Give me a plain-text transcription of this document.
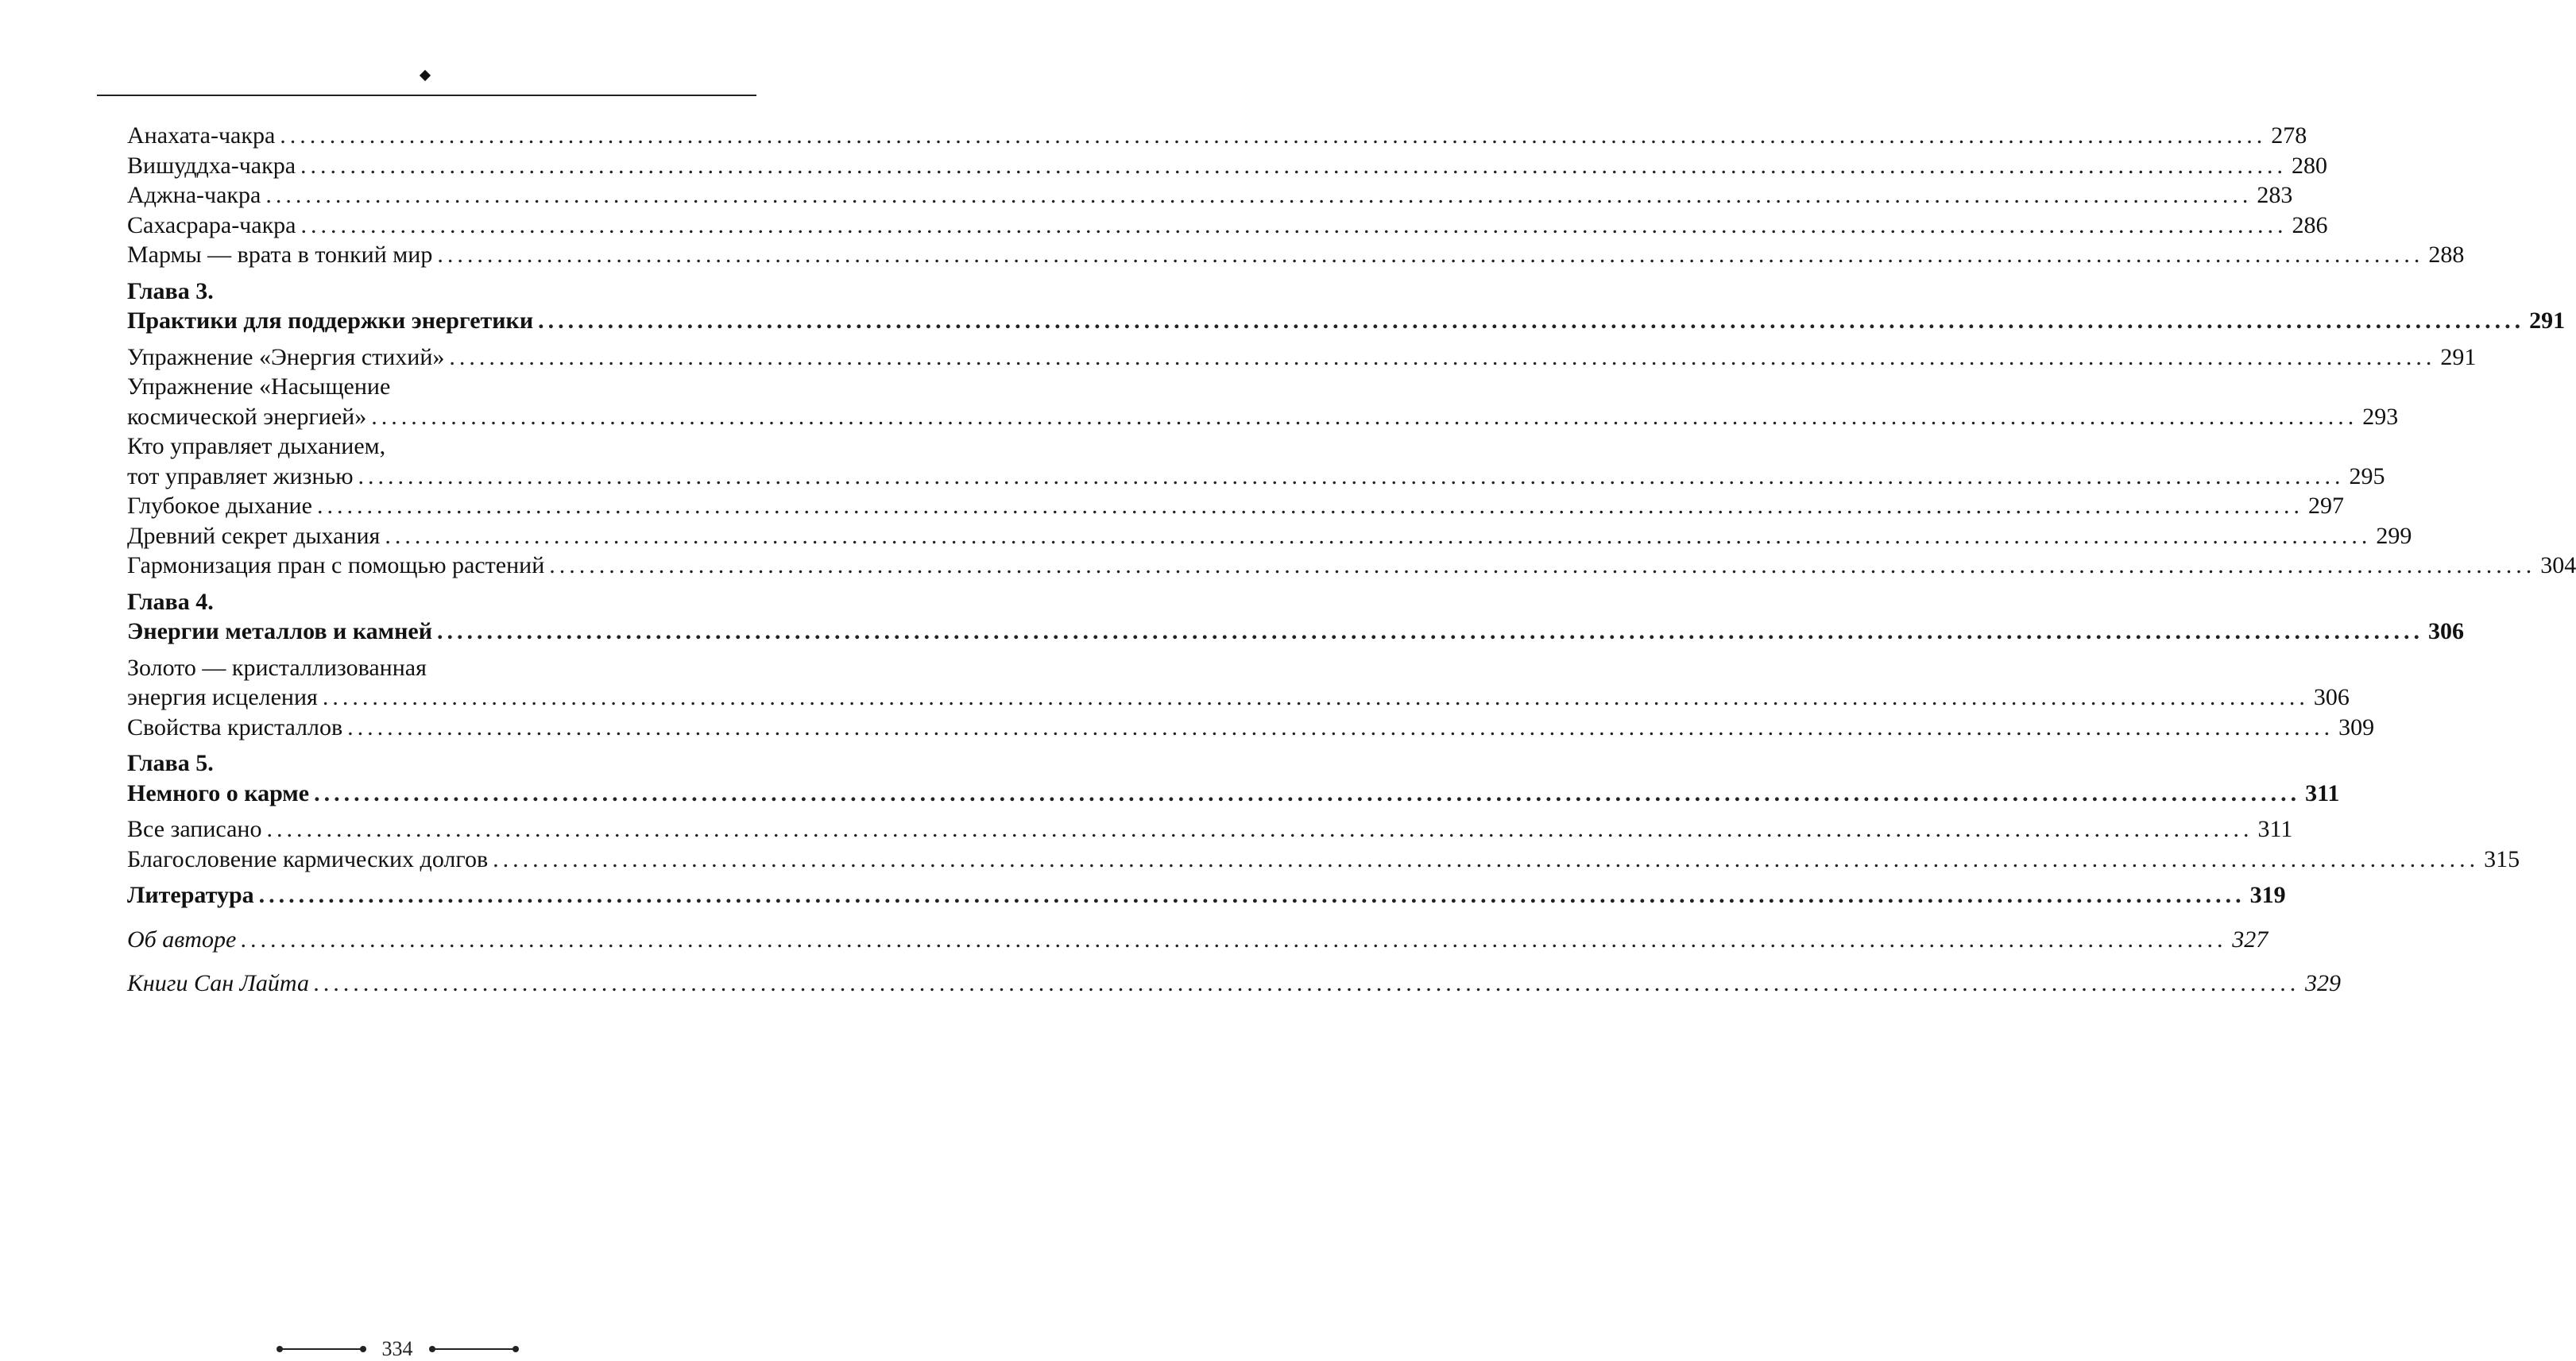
Анахата-чакра ........................................................................................................................................................................................................ 278
Вишуддха-чакра ........................................................................................................................................................................................................ 280
Аджна-чакра ........................................................................................................................................................................................................ 283
Сахасрара-чакра ........................................................................................................................................................................................................ 286
Мармы — врата в тонкий мир ........................................................................................................................................................................................................ 288
Глава 3.
Практики для поддержки энергетики ........................................................................................................................................................................................................ 291
Упражнение «Энергия стихий» ........................................................................................................................................................................................................ 291
Упражнение «Насыщение
космической энергией» ........................................................................................................................................................................................................ 293
Кто управляет дыханием,
тот управляет жизнью ........................................................................................................................................................................................................ 295
Глубокое дыхание ........................................................................................................................................................................................................ 297
Древний секрет дыхания ........................................................................................................................................................................................................ 299
Гармонизация пран с помощью растений ........................................................................................................................................................................................................ 304
Глава 4.
Энергии металлов и камней ........................................................................................................................................................................................................ 306
Золото — кристаллизованная
энергия исцеления ........................................................................................................................................................................................................ 306
Свойства кристаллов ........................................................................................................................................................................................................ 309
Глава 5.
Немного о карме ........................................................................................................................................................................................................ 311
Все записано ........................................................................................................................................................................................................ 311
Благословение кармических долгов ........................................................................................................................................................................................................ 315
Литература ........................................................................................................................................................................................................ 319
Об авторе ........................................................................................................................................................................................................ 327
Книги Сан Лайта ........................................................................................................................................................................................................ 329
334
